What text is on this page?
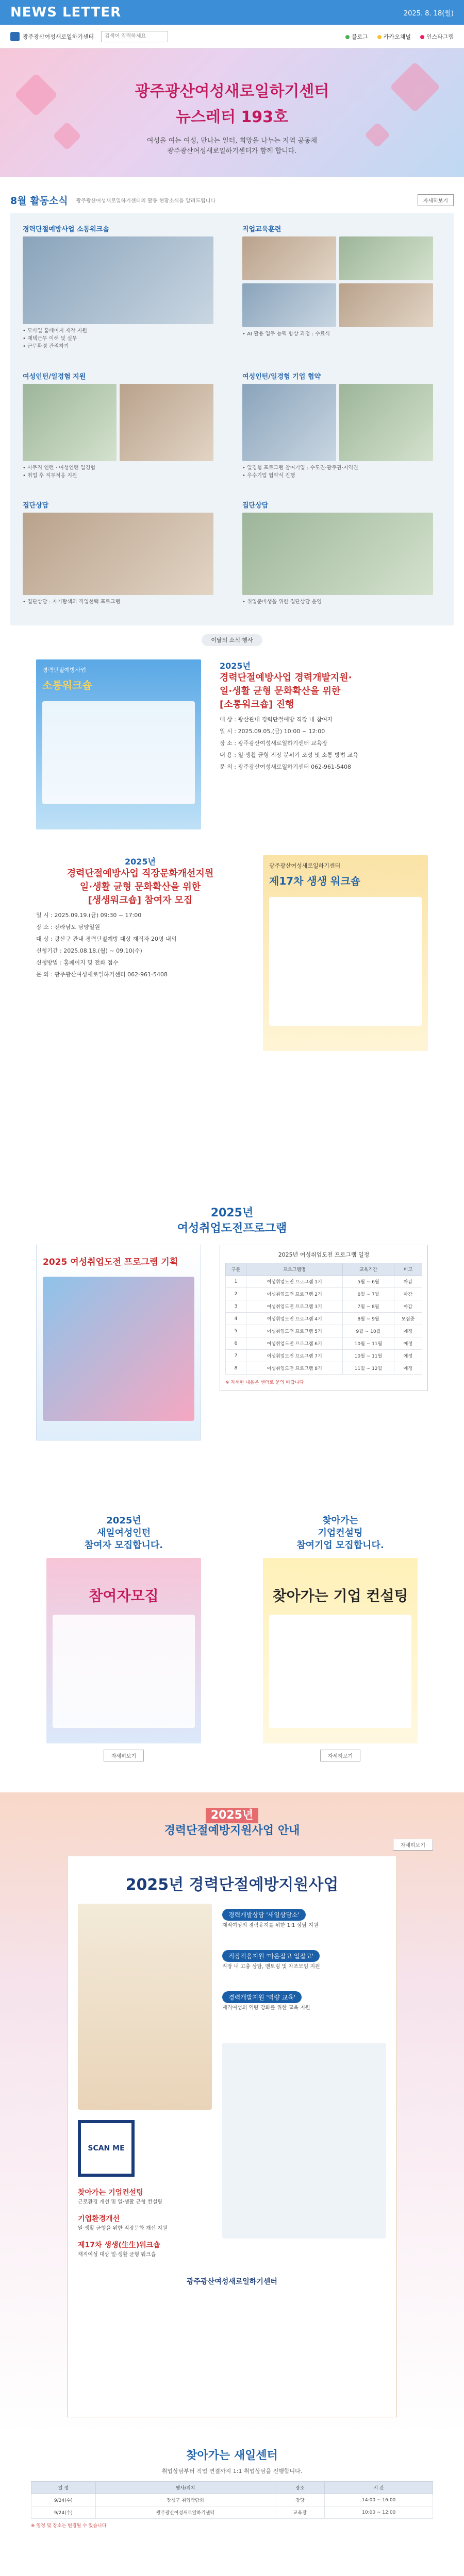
NEWS LETTER	2025. 8. 18(월)
광주광산여성새로일하기센터
검색어 입력하세요	블로그	카카오채널	인스타그램
광주광산여성새로일하기센터
뉴스레터 193호
여성을 여는 여성, 만나는 일터, 희망을 나누는 지역 공동체
광주광산여성새로일하기센터가 함께 합니다.
8월 활동소식 광주광산여성새로일하기센터의 활동 현황소식을 알려드립니다	자세히보기
경력단절예방사업 소통워크숍
• 모바일 홈페이지 제작 지원
• 재택근무 이해 및 실무
• 근무환경 관리하기
직업교육훈련
• AI 활용 업무 능력 향상 과정 : 수료식
여성인턴/일경험 지원
• 사무직 인턴 · 여성인턴 일경험
• 취업 후 직무적응 지원
여성인턴/일경험 기업 협약
• 일경험 프로그램 참여기업 : 수도권·광주권·지역권
• 우수기업 협약식 진행
집단상담
• 집단상담 : 자기탐색과 직업선택 프로그램
집단상담
• 취업준비생을 위한 집단상담 운영
이달의 소식·행사
경력단절예방사업
소통워크숍
2025년
경력단절예방사업 경력개발지원·
일·생활 균형 문화확산을 위한
[소통워크숍] 진행
대 상 : 광산관내 경력단절예방 직장 내 참여자
일 시 : 2025.09.05.(금) 10:00 ~ 12:00
장 소 : 광주광산여성새로일하기센터 교육장
내 용 : 일·생활 균형 직장 분위기 조성 및 소통 방법 교육
문 의 : 광주광산여성새로일하기센터 062-961-5408
2025년
경력단절예방사업 직장문화개선지원
일·생활 균형 문화확산을 위한
[생생워크숍] 참여자 모집
일 시 : 2025.09.19.(금) 09:30 ~ 17:00
장 소 : 전라남도 담양일원
대 상 : 광산구 관내 경력단절예방 대상 재직자 20명 내외
신청기간 : 2025.08.18.(월) ~ 09.10(수)
신청방법 : 홈페이지 및 전화 접수
문 의 : 광주광산여성새로일하기센터 062-961-5408
광주광산여성새로일하기센터
제17차 생생 워크숍
2025년
여성취업도전프로그램
2025 여성취업도전 프로그램 기획
2025년 여성취업도전 프로그램 일정
구분	프로그램명	교육기간	비고
1	여성취업도전 프로그램 1기	5월 ~ 6월	마감
2	여성취업도전 프로그램 2기	6월 ~ 7월	마감
3	여성취업도전 프로그램 3기	7월 ~ 8월	마감
4	여성취업도전 프로그램 4기	8월 ~ 9월	모집중
5	여성취업도전 프로그램 5기	9월 ~ 10월	예정
6	여성취업도전 프로그램 6기	10월 ~ 11월	예정
7	여성취업도전 프로그램 7기	10월 ~ 11월	예정
8	여성취업도전 프로그램 8기	11월 ~ 12월	예정
※ 자세한 내용은 센터로 문의 바랍니다
2025년
새일여성인턴
참여자 모집합니다.
참여자모집
자세히보기
찾아가는
기업컨설팅
참여기업 모집합니다.
찾아가는 기업 컨설팅
자세히보기
2025년
경력단절예방지원사업 안내
자세히보기
2025년 경력단절예방지원사업
SCAN ME
찾아가는 기업컨설팅
근로환경 개선 및 일·생활 균형 컨설팅
기업환경개선
일·생활 균형을 위한 직장문화 개선 지원
제17차 생생(生生)워크숍
재직여성 대상 일·생활 균형 워크숍
경력개발상담 '새일상담소'
재직여성의 경력유지를 위한 1:1 상담 지원
직장적응지원 '마음잡고 일잡고'
직장 내 고충 상담, 멘토링 및 자조모임 지원
경력개발지원 '역량 교육'
재직여성의 역량 강화를 위한 교육 지원
광주광산여성새로일하기센터
찾아가는 새일센터
취업상담부터 직업 연결까지 1:1 취업상담을 진행합니다.
일 정	행사/위치	장소	시 간
9/24(수)	장성구 취업박람회	강당	14:00 ~ 16:00
9/24(수)	광주광산여성새로일하기센터	교육장	10:00 ~ 12:00
※ 일정 및 장소는 변경될 수 있습니다
